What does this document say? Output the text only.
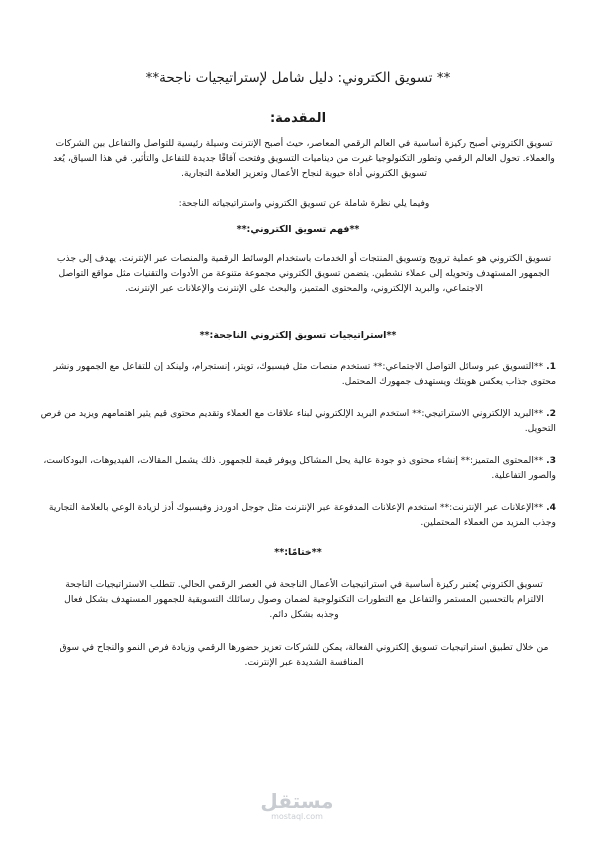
** تسويق الكتروني: دليل شامل لإستراتيجيات ناجحة**
المقدمة:

تسويق الكتروني أصبح ركيزة أساسية في العالم الرقمي المعاصر، حيث أصبح الإنترنت وسيلة رئيسية للتواصل والتفاعل بين الشركات والعملاء. تحول العالم الرقمي وتطور التكنولوجيا غيرت من ديناميات التسويق وفتحت آفاقًا جديدة للتفاعل والتأثير. في هذا السياق، يُعد تسويق الكتروني أداة حيوية لنجاح الأعمال وتعزيز العلامة التجارية.

وفيما يلي نظرة شاملة عن تسويق الكتروني واستراتيجياته الناجحة:

**فهم تسويق الكتروني:**

تسويق الكتروني هو عملية ترويج وتسويق المنتجات أو الخدمات باستخدام الوسائط الرقمية والمنصات عبر الإنترنت. يهدف إلى جذب الجمهور المستهدف وتحويله إلى عملاء نشطين. يتضمن تسويق الكتروني مجموعة متنوعة من الأدوات والتقنيات مثل مواقع التواصل الاجتماعي، والبريد الإلكتروني، والمحتوى المتميز، والبحث على الإنترنت والإعلانات عبر الإنترنت.

**استراتيجيات تسويق إلكتروني الناجحة:**

1.**التسويق عبر وسائل التواصل الاجتماعي:** تستخدم منصات مثل فيسبوك، تويتر، إنستجرام، ولينكد إن للتفاعل مع الجمهور ونشر محتوى جذاب يعكس هويتك ويستهدف جمهورك المحتمل.

2.**البريد الإلكتروني الاستراتيجي:** استخدم البريد الإلكتروني لبناء علاقات مع العملاء وتقديم محتوى قيم يثير اهتمامهم ويزيد من فرص التحويل.

3.**المحتوى المتميز:** إنشاء محتوى ذو جودة عالية يحل المشاكل ويوفر قيمة للجمهور. ذلك يشمل المقالات، الفيديوهات، البودكاست، والصور التفاعلية.

4.**الإعلانات عبر الإنترنت:** استخدم الإعلانات المدفوعة عبر الإنترنت مثل جوجل ادوردز وفيسبوك أدز لزيادة الوعي بالعلامة التجارية وجذب المزيد من العملاء المحتملين.

**ختامًا:**

تسويق الكتروني يُعتبر ركيزة أساسية في استراتيجيات الأعمال الناجحة في العصر الرقمي الحالي. تتطلب الاستراتيجيات الناجحة الالتزام بالتحسين المستمر والتفاعل مع التطورات التكنولوجية لضمان وصول رسائلك التسويقية للجمهور المستهدف بشكل فعال وجذبه بشكل دائم.

من خلال تطبيق استراتيجيات تسويق إلكتروني الفعالة، يمكن للشركات تعزيز حضورها الرقمي وزيادة فرص النمو والنجاح في سوق المنافسة الشديدة عبر الإنترنت.

مستقل
mostaql.com
